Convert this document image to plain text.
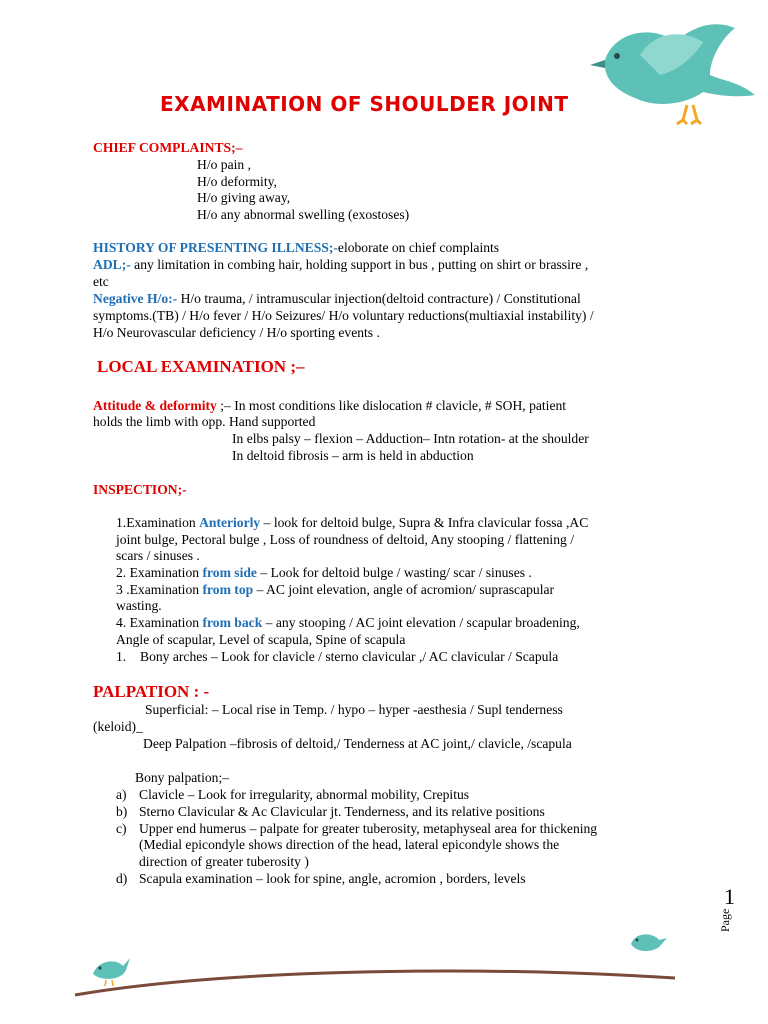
EXAMINATION OF SHOULDER JOINT
CHIEF COMPLAINTS;–
H/o pain ,
H/o deformity,
H/o giving away,
H/o any abnormal swelling (exostoses)
HISTORY OF PRESENTING ILLNESS;-eloborate on chief complaints
ADL;- any limitation in combing hair, holding support in bus , putting on shirt or brassire ,
etc
Negative H/o:- H/o trauma, / intramuscular injection(deltoid contracture) / Constitutional
symptoms.(TB) / H/o fever / H/o Seizures/ H/o voluntary reductions(multiaxial instability) /
H/o Neurovascular deficiency / H/o sporting events .
LOCAL EXAMINATION ;–
Attitude & deformity ;– In most conditions like dislocation # clavicle, # SOH, patient
holds the limb with opp. Hand supported
In elbs palsy – flexion – Adduction– Intn rotation- at the shoulder
In deltoid fibrosis – arm is held in abduction
INSPECTION;-
1.Examination Anteriorly – look for deltoid bulge, Supra & Infra clavicular fossa ,AC
joint bulge, Pectoral bulge , Loss of roundness of deltoid, Any stooping / flattening /
scars / sinuses .
2. Examination from side – Look for deltoid bulge / wasting/ scar / sinuses .
3 .Examination from top – AC joint elevation, angle of acromion/ suprascapular
wasting.
4. Examination from back – any stooping / AC joint elevation / scapular broadening,
Angle of scapular, Level of scapula, Spine of scapula
1. Bony arches – Look for clavicle / sterno clavicular ,/ AC clavicular / Scapula
PALPATION : -
Superficial: – Local rise in Temp. / hypo – hyper -aesthesia / Supl tenderness
(keloid)_
Deep Palpation –fibrosis of deltoid,/ Tenderness at AC joint,/ clavicle, /scapula
Bony palpation;–
a) Clavicle – Look for irregularity, abnormal mobility, Crepitus
b) Sterno Clavicular & Ac Clavicular jt. Tenderness, and its relative positions
c) Upper end humerus – palpate for greater tuberosity, metaphyseal area for thickening
(Medial epicondyle shows direction of the head, lateral epicondyle shows the
direction of greater tuberosity )
d) Scapula examination – look for spine, angle, acromion , borders, levels
Page
1
